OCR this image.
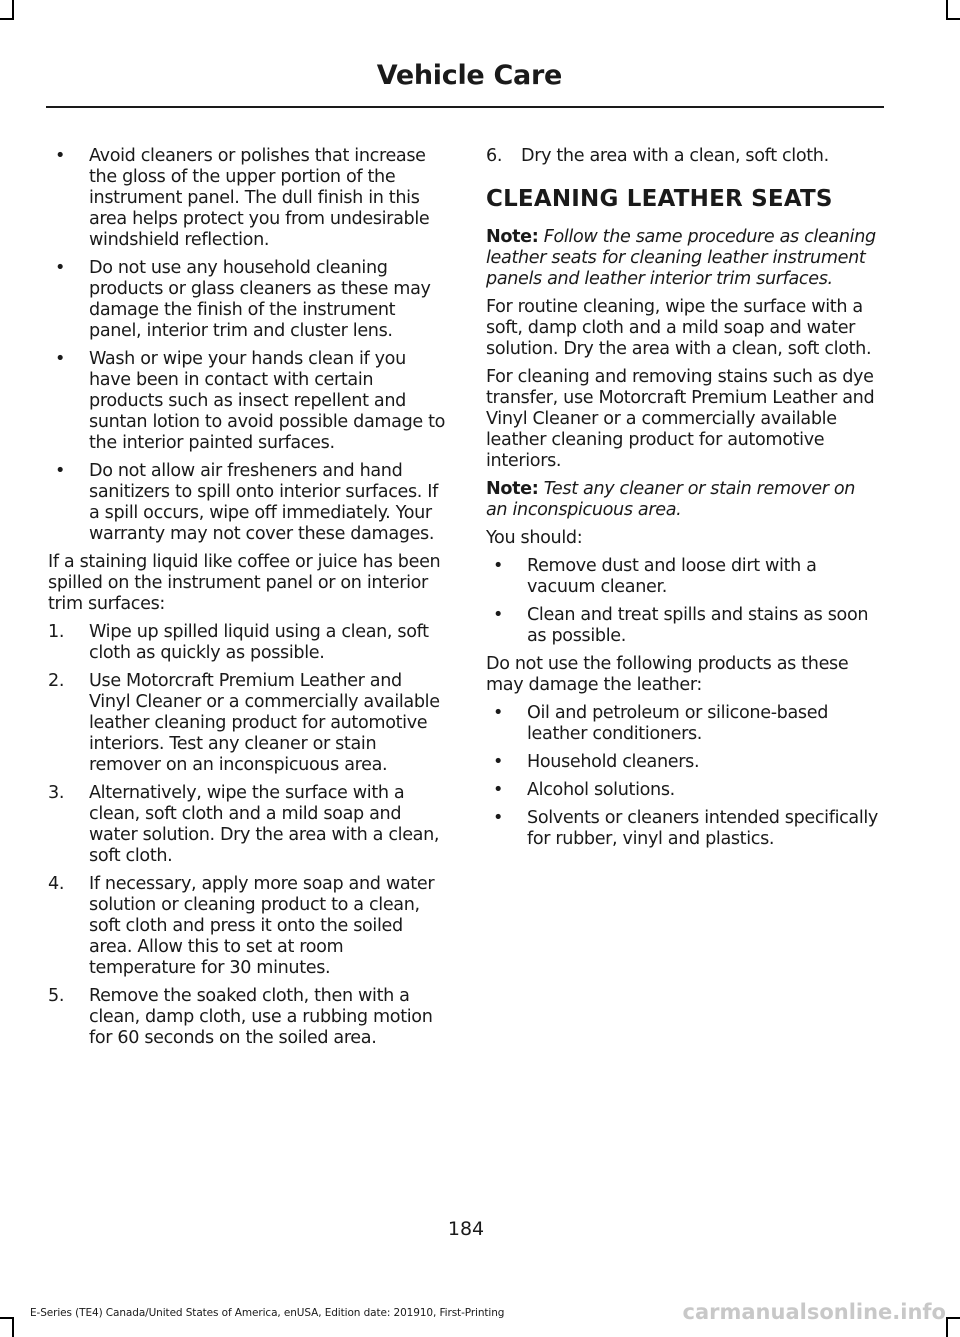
Vehicle Care
• Avoid cleaners or polishes that increase the gloss of the upper portion of the instrument panel. The dull finish in this area helps protect you from undesirable windshield reflection.
• Do not use any household cleaning products or glass cleaners as these may damage the finish of the instrument panel, interior trim and cluster lens.
• Wash or wipe your hands clean if you have been in contact with certain products such as insect repellent and suntan lotion to avoid possible damage to the interior painted surfaces.
• Do not allow air fresheners and hand sanitizers to spill onto interior surfaces. If a spill occurs, wipe off immediately. Your warranty may not cover these damages.

If a staining liquid like coffee or juice has been spilled on the instrument panel or on interior trim surfaces:

1. Wipe up spilled liquid using a clean, soft cloth as quickly as possible.
2. Use Motorcraft Premium Leather and Vinyl Cleaner or a commercially available leather cleaning product for automotive interiors. Test any cleaner or stain remover on an inconspicuous area.
3. Alternatively, wipe the surface with a clean, soft cloth and a mild soap and water solution. Dry the area with a clean, soft cloth.
4. If necessary, apply more soap and water solution or cleaning product to a clean, soft cloth and press it onto the soiled area. Allow this to set at room temperature for 30 minutes.
5. Remove the soaked cloth, then with a clean, damp cloth, use a rubbing motion for 60 seconds on the soiled area.
6. Dry the area with a clean, soft cloth.
CLEANING LEATHER SEATS

Note: Follow the same procedure as cleaning leather seats for cleaning leather instrument panels and leather interior trim surfaces.

For routine cleaning, wipe the surface with a soft, damp cloth and a mild soap and water solution. Dry the area with a clean, soft cloth.

For cleaning and removing stains such as dye transfer, use Motorcraft Premium Leather and Vinyl Cleaner or a commercially available leather cleaning product for automotive interiors.

Note: Test any cleaner or stain remover on an inconspicuous area.

You should:

• Remove dust and loose dirt with a vacuum cleaner.
• Clean and treat spills and stains as soon as possible.

Do not use the following products as these may damage the leather:

• Oil and petroleum or silicone-based leather conditioners.
• Household cleaners.
• Alcohol solutions.
• Solvents or cleaners intended specifically for rubber, vinyl and plastics.
184
E-Series (TE4) Canada/United States of America, enUSA, Edition date: 201910, First-Printing	carmanualsonline.info
